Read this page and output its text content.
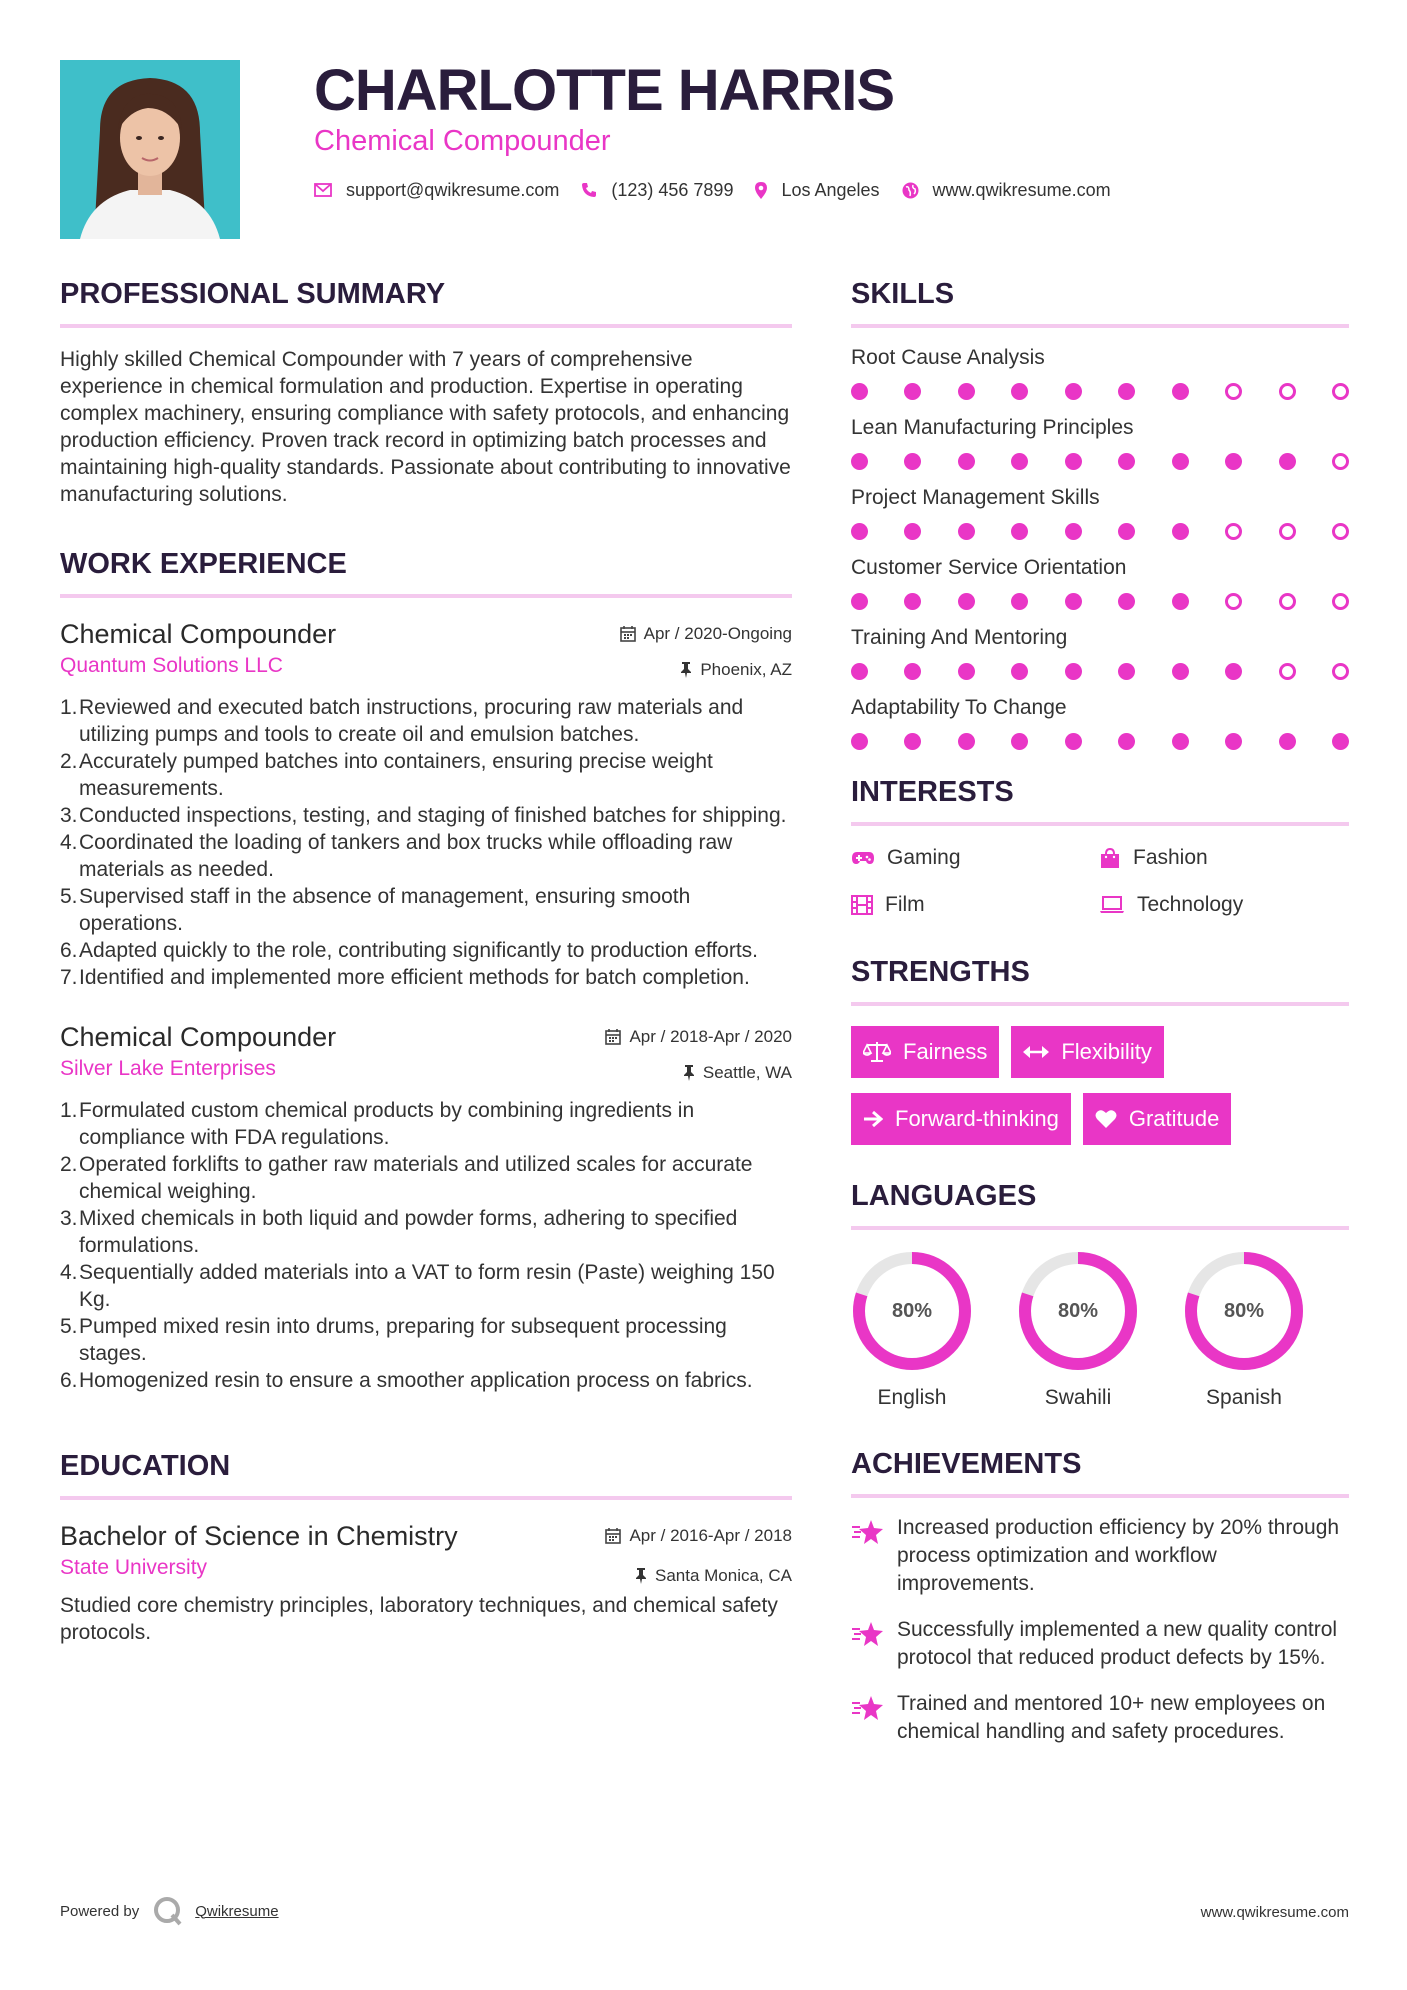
CHARLOTTE HARRIS
Chemical Compounder
support@qwikresume.com	(123) 456 7899	Los Angeles	www.qwikresume.com
PROFESSIONAL SUMMARY
Highly skilled Chemical Compounder with 7 years of comprehensive experience in chemical formulation and production. Expertise in operating complex machinery, ensuring compliance with safety protocols, and enhancing production efficiency. Proven track record in optimizing batch processes and maintaining high-quality standards. Passionate about contributing to innovative manufacturing solutions.
WORK EXPERIENCE
Chemical Compounder	Apr / 2020-Ongoing
Quantum Solutions LLC	Phoenix, AZ
1. Reviewed and executed batch instructions, procuring raw materials and utilizing pumps and tools to create oil and emulsion batches.
2. Accurately pumped batches into containers, ensuring precise weight measurements.
3. Conducted inspections, testing, and staging of finished batches for shipping.
4. Coordinated the loading of tankers and box trucks while offloading raw materials as needed.
5. Supervised staff in the absence of management, ensuring smooth operations.
6. Adapted quickly to the role, contributing significantly to production efforts.
7. Identified and implemented more efficient methods for batch completion.
Chemical Compounder	Apr / 2018-Apr / 2020
Silver Lake Enterprises	Seattle, WA
1. Formulated custom chemical products by combining ingredients in compliance with FDA regulations.
2. Operated forklifts to gather raw materials and utilized scales for accurate chemical weighing.
3. Mixed chemicals in both liquid and powder forms, adhering to specified formulations.
4. Sequentially added materials into a VAT to form resin (Paste) weighing 150 Kg.
5. Pumped mixed resin into drums, preparing for subsequent processing stages.
6. Homogenized resin to ensure a smoother application process on fabrics.
EDUCATION
Bachelor of Science in Chemistry	Apr / 2016-Apr / 2018
State University	Santa Monica, CA
Studied core chemistry principles, laboratory techniques, and chemical safety protocols.
SKILLS
Root Cause Analysis
Lean Manufacturing Principles
Project Management Skills
Customer Service Orientation
Training And Mentoring
Adaptability To Change
INTERESTS
Gaming	Fashion
Film	Technology
STRENGTHS
Fairness	Flexibility
Forward-thinking	Gratitude
LANGUAGES
80%
English
80%
Swahili
80%
Spanish
ACHIEVEMENTS
Increased production efficiency by 20% through process optimization and workflow improvements.
Successfully implemented a new quality control protocol that reduced product defects by 15%.
Trained and mentored 10+ new employees on chemical handling and safety procedures.
Powered by	Qwikresume	www.qwikresume.com
